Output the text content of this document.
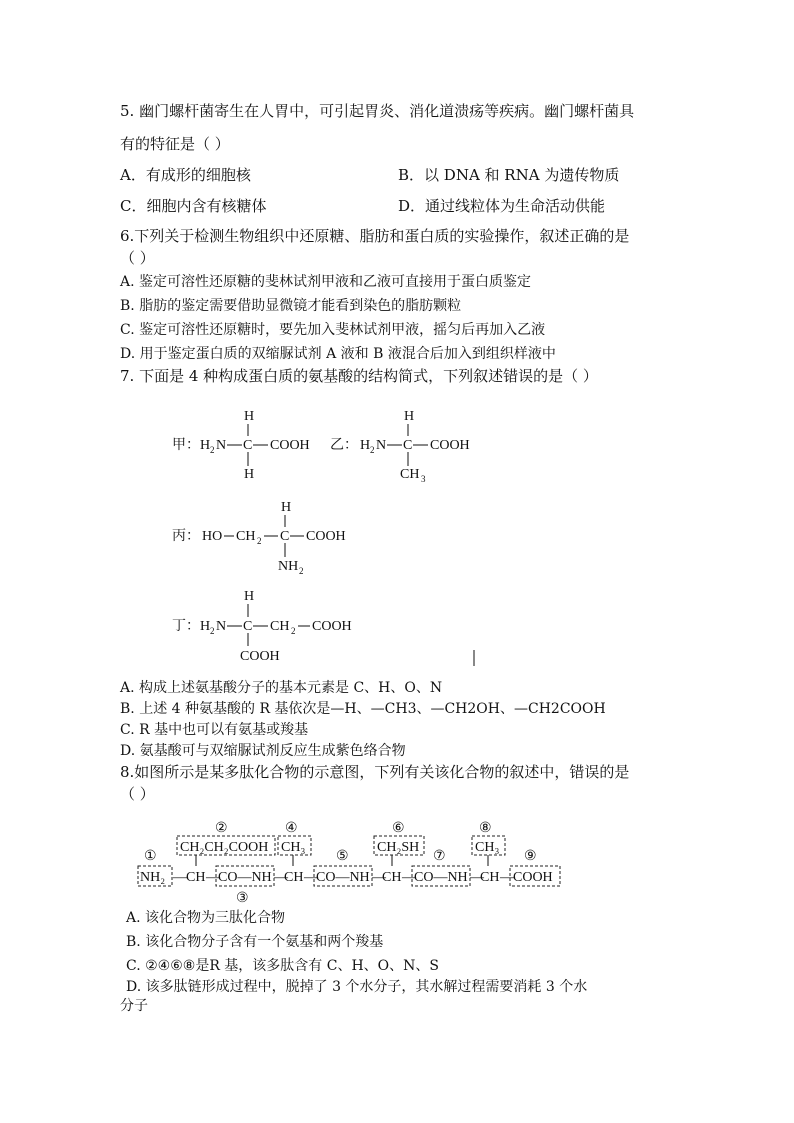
5. 幽门螺杆菌寄生在人胃中，可引起胃炎、消化道溃疡等疾病。幽门螺杆菌具
有的特征是（ ）
A．有成形的细胞核	B．以 DNA 和 RNA 为遗传物质
C．细胞内含有核糖体	D．通过线粒体为生命活动供能
6.下列关于检测生物组织中还原糖、脂肪和蛋白质的实验操作，叙述正确的是
（ ）
A. 鉴定可溶性还原糖的斐林试剂甲液和乙液可直接用于蛋白质鉴定
B. 脂肪的鉴定需要借助显微镜才能看到染色的脂肪颗粒
C. 鉴定可溶性还原糖时，要先加入斐林试剂甲液，摇匀后再加入乙液
D. 用于鉴定蛋白质的双缩脲试剂 A 液和 B 液混合后加入到组织样液中
7. 下面是 4 种构成蛋白质的氨基酸的结构简式，下列叙述错误的是（ ）
甲： H 2 N C COOH
H
H
乙： H 2 N C COOH
H
CH 3
丙： HO CH 2 C COOH
H
NH 2
丁： H 2 N C CH 2 COOH
H
COOH
A. 构成上述氨基酸分子的基本元素是 C、H、O、N
B. 上述 4 种氨基酸的 R 基依次是—H、—CH3、—CH2OH、—CH2COOH
C. R 基中也可以有氨基或羧基
D. 氨基酸可与双缩脲试剂反应生成紫色络合物
8.如图所示是某多肽化合物的示意图，下列有关该化合物的叙述中，错误的是
（ ）
①
②	④
⑤
⑥
⑦
⑧
⑨
③
CH₂CH₂COOH CH₃	CH₂SH	CH₃
NH₂ — CH —
CO—NH —
CH —
CO—NH —
CH —
CO—NH —
CH — COOH
A. 该化合物为三肽化合物
B. 该化合物分子含有一个氨基和两个羧基
C. ②④⑥⑧是R 基，该多肽含有 C、H、O、N、S
D. 该多肽链形成过程中，脱掉了 3 个水分子，其水解过程需要消耗 3 个水
分子
